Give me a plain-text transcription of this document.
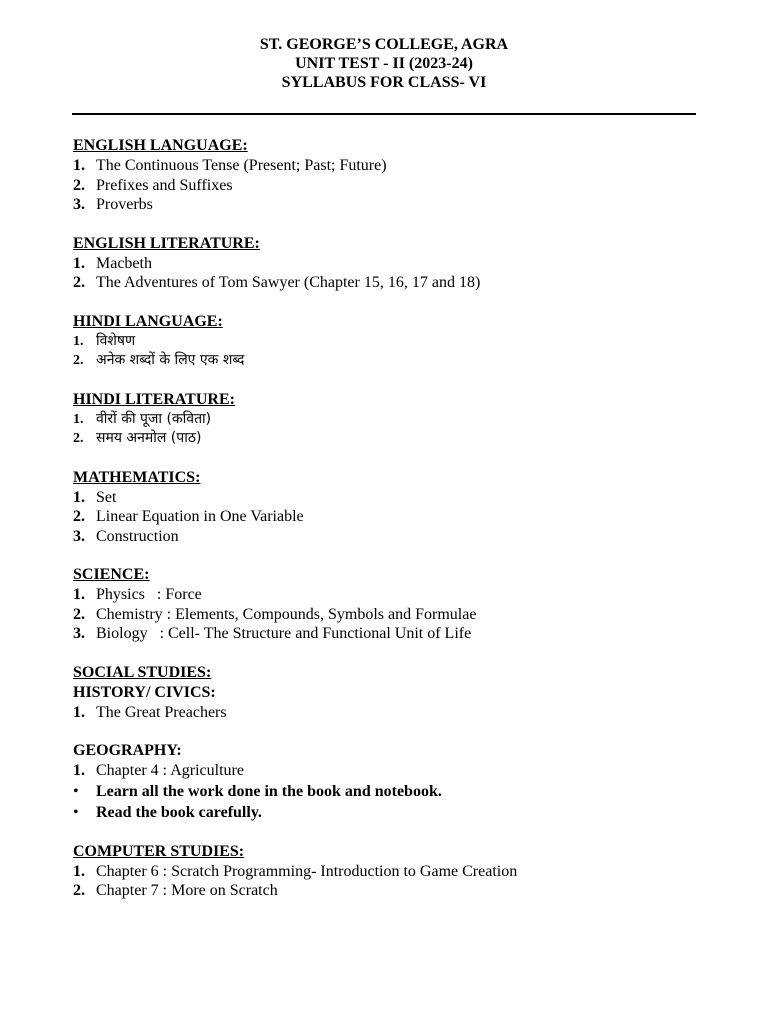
ST. GEORGE’S COLLEGE, AGRA
UNIT TEST - II (2023-24)
SYLLABUS FOR CLASS- VI
ENGLISH LANGUAGE:
1. The Continuous Tense (Present; Past; Future)
2. Prefixes and Suffixes
3. Proverbs
ENGLISH LITERATURE:
1. Macbeth
2. The Adventures of Tom Sawyer (Chapter 15, 16, 17 and 18)
HINDI LANGUAGE:
1. विशेषण
2. अनेक शब्दों के लिए एक शब्द
HINDI LITERATURE:
1. वीरों की पूजा (कविता)
2. समय अनमोल (पाठ)
MATHEMATICS:
1. Set
2. Linear Equation in One Variable
3. Construction
SCIENCE:
1. Physics   : Force
2. Chemistry : Elements, Compounds, Symbols and Formulae
3. Biology   : Cell- The Structure and Functional Unit of Life
SOCIAL STUDIES:
HISTORY/ CIVICS:
1. The Great Preachers
GEOGRAPHY:
1. Chapter 4 : Agriculture
•	Learn all the work done in the book and notebook.
•	Read the book carefully.
COMPUTER STUDIES:
1. Chapter 6 : Scratch Programming- Introduction to Game Creation
2. Chapter 7 : More on Scratch
